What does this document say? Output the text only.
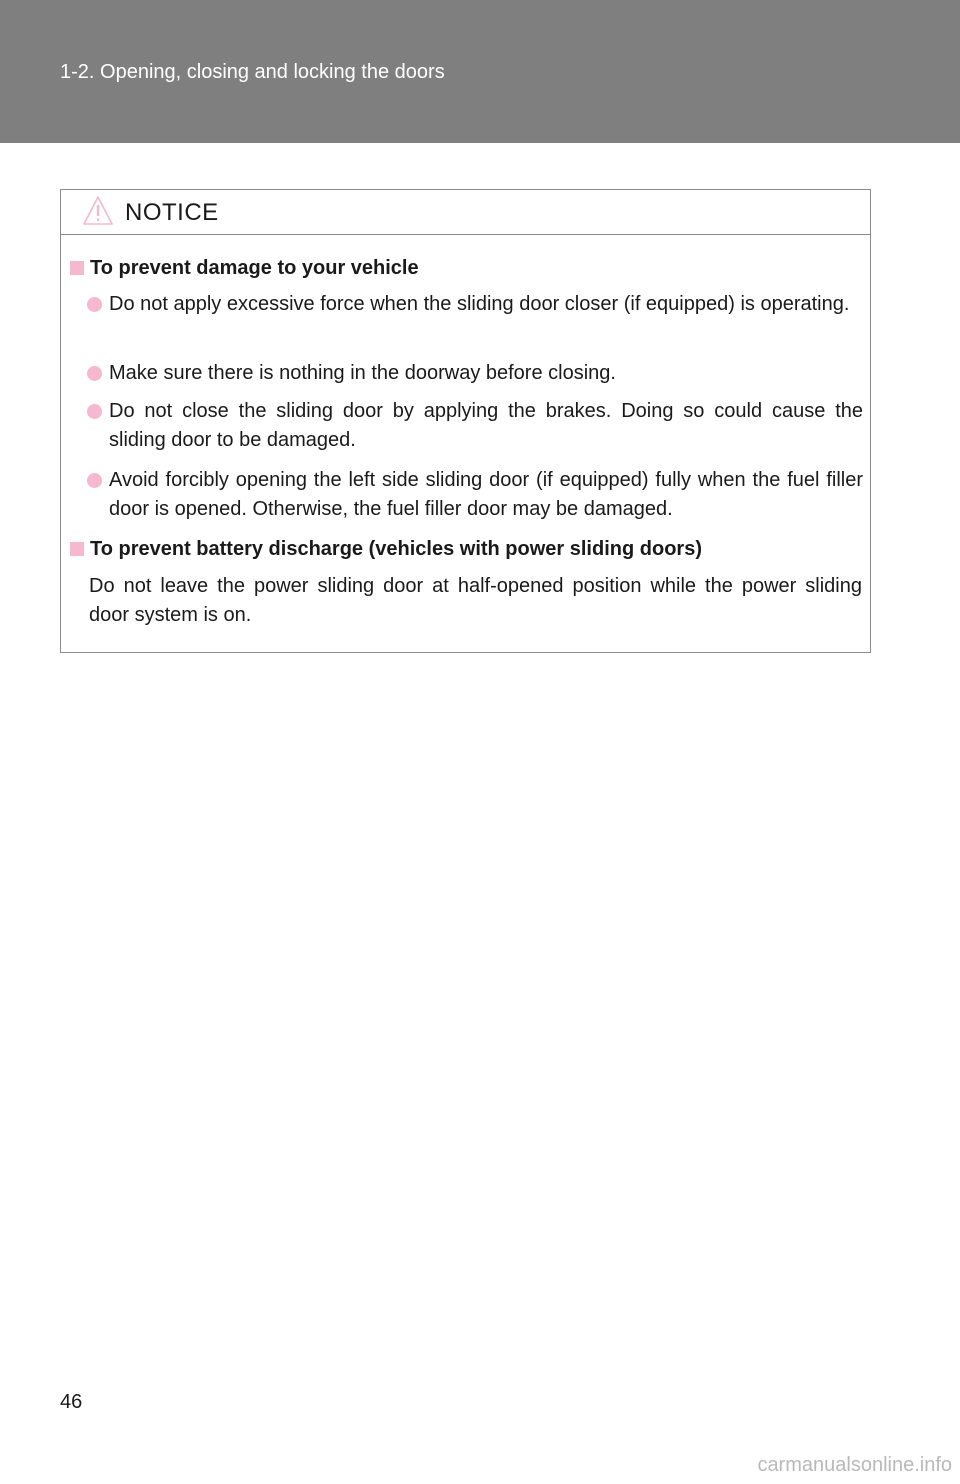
1-2. Opening, closing and locking the doors
NOTICE
To prevent damage to your vehicle
Do not apply excessive force when the sliding door closer (if equipped) is operating.
Make sure there is nothing in the doorway before closing.
Do not close the sliding door by applying the brakes. Doing so could cause the sliding door to be damaged.
Avoid forcibly opening the left side sliding door (if equipped) fully when the fuel filler door is opened. Otherwise, the fuel filler door may be damaged.
To prevent battery discharge (vehicles with power sliding doors)
Do not leave the power sliding door at half-opened position while the power sliding door system is on.
46
carmanualsonline.info
